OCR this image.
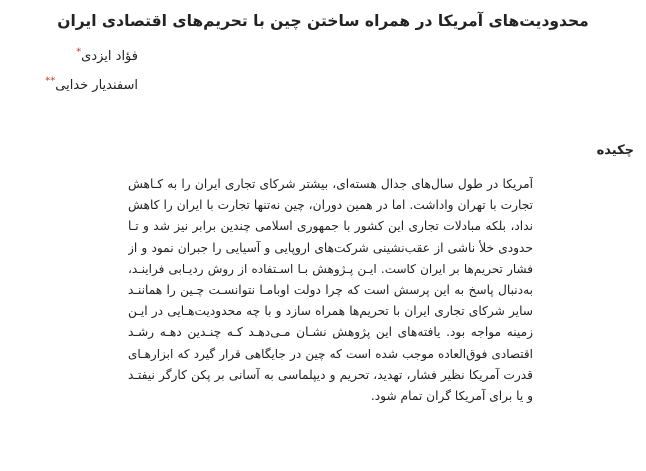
محدودیت‌های آمریکا در همراه ساختن چین با تحریم‌های اقتصادی ایران
فؤاد ایزدی*
اسفندیار خدایی**
چکیده
آمریکا در طول سال‌های جدال هسته‌ای، بیشتر شرکای تجاری ایران را به کـاهش
تجارت با تهران واداشت. اما در همین دوران، چین نه‌تنها تجارت با ایران را کاهش
نداد، بلکه مبادلات تجاری این کشور با جمهوری اسلامی چندین برابر نیز شد و تـا
حدودی خلأ ناشی از عقب‌نشینی شرکت‌های اروپایی و آسیایی را جبران نمود و از
فشار تحریم‌ها بر ایران کاست. ایـن پـژوهش بـا اسـتفاده از روش ردیـابی فراینـد،
به‌دنبال پاسخ به این پرسش است که چرا دولت اوبامـا نتوانسـت چـین را هماننـد
سایر شرکای تجاری ایران با تحریم‌ها همراه سازد و با چه محدودیت‌هـایی در ایـن
زمینه مواجه بود. یافته‌های این پژوهش نشـان مـی‌دهـد کـه چنـدین دهـه رشـد
اقتصادی فوق‌العاده موجب شده است که چین در جایگاهی قرار گیرد که ابزارهـای
قدرت آمریکا نظیر فشار، تهدید، تحریم و دیپلماسی به آسانی بر پکن کارگر نیفتـد
و یا برای آمریکا گران تمام شود.
